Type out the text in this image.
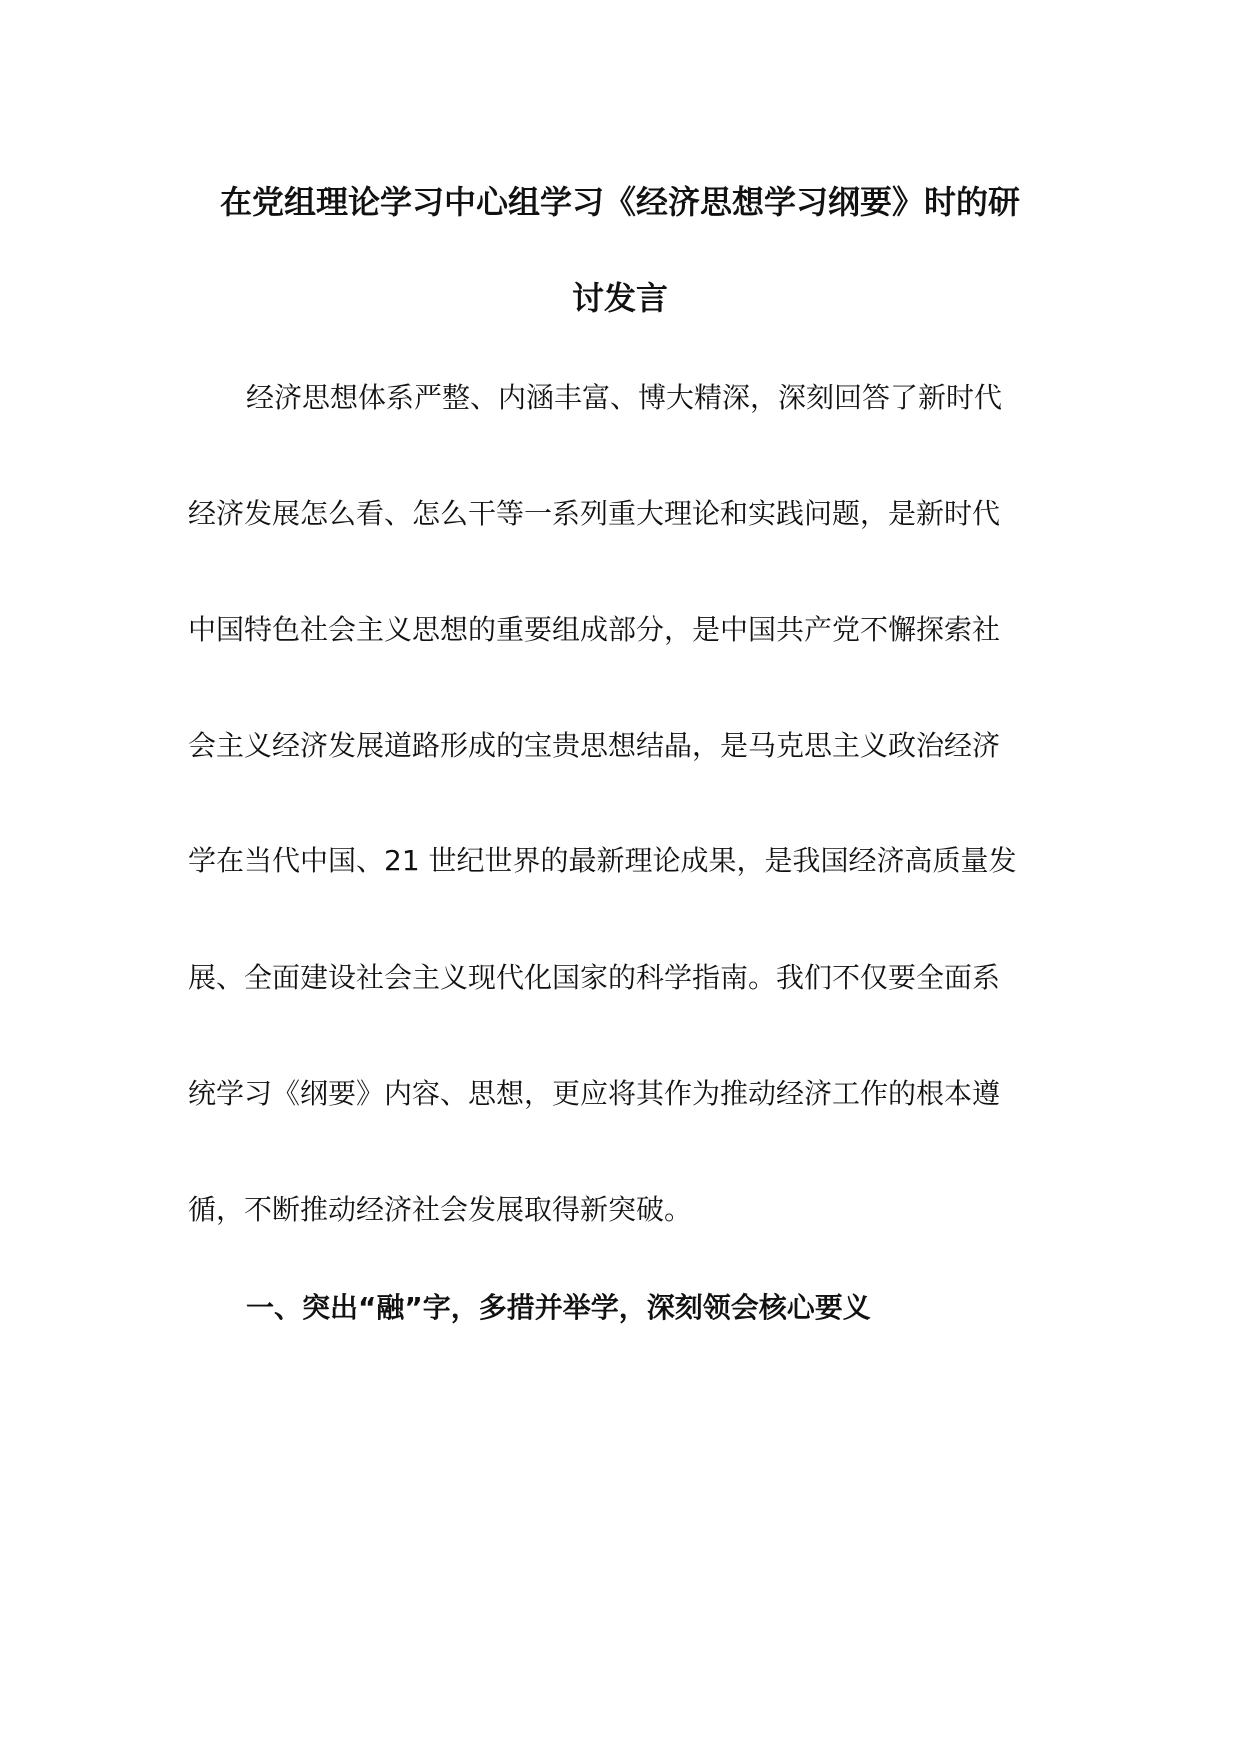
在党组理论学习中心组学习《经济思想学习纲要》时的研
讨发言
经济思想体系严整、内涵丰富、博大精深，深刻回答了新时代
经济发展怎么看、怎么干等一系列重大理论和实践问题，是新时代
中国特色社会主义思想的重要组成部分，是中国共产党不懈探索社
会主义经济发展道路形成的宝贵思想结晶，是马克思主义政治经济
学在当代中国、21 世纪世界的最新理论成果，是我国经济高质量发
展、全面建设社会主义现代化国家的科学指南。我们不仅要全面系
统学习《纲要》内容、思想，更应将其作为推动经济工作的根本遵
循，不断推动经济社会发展取得新突破。
一、突出“融”字，多措并举学，深刻领会核心要义
